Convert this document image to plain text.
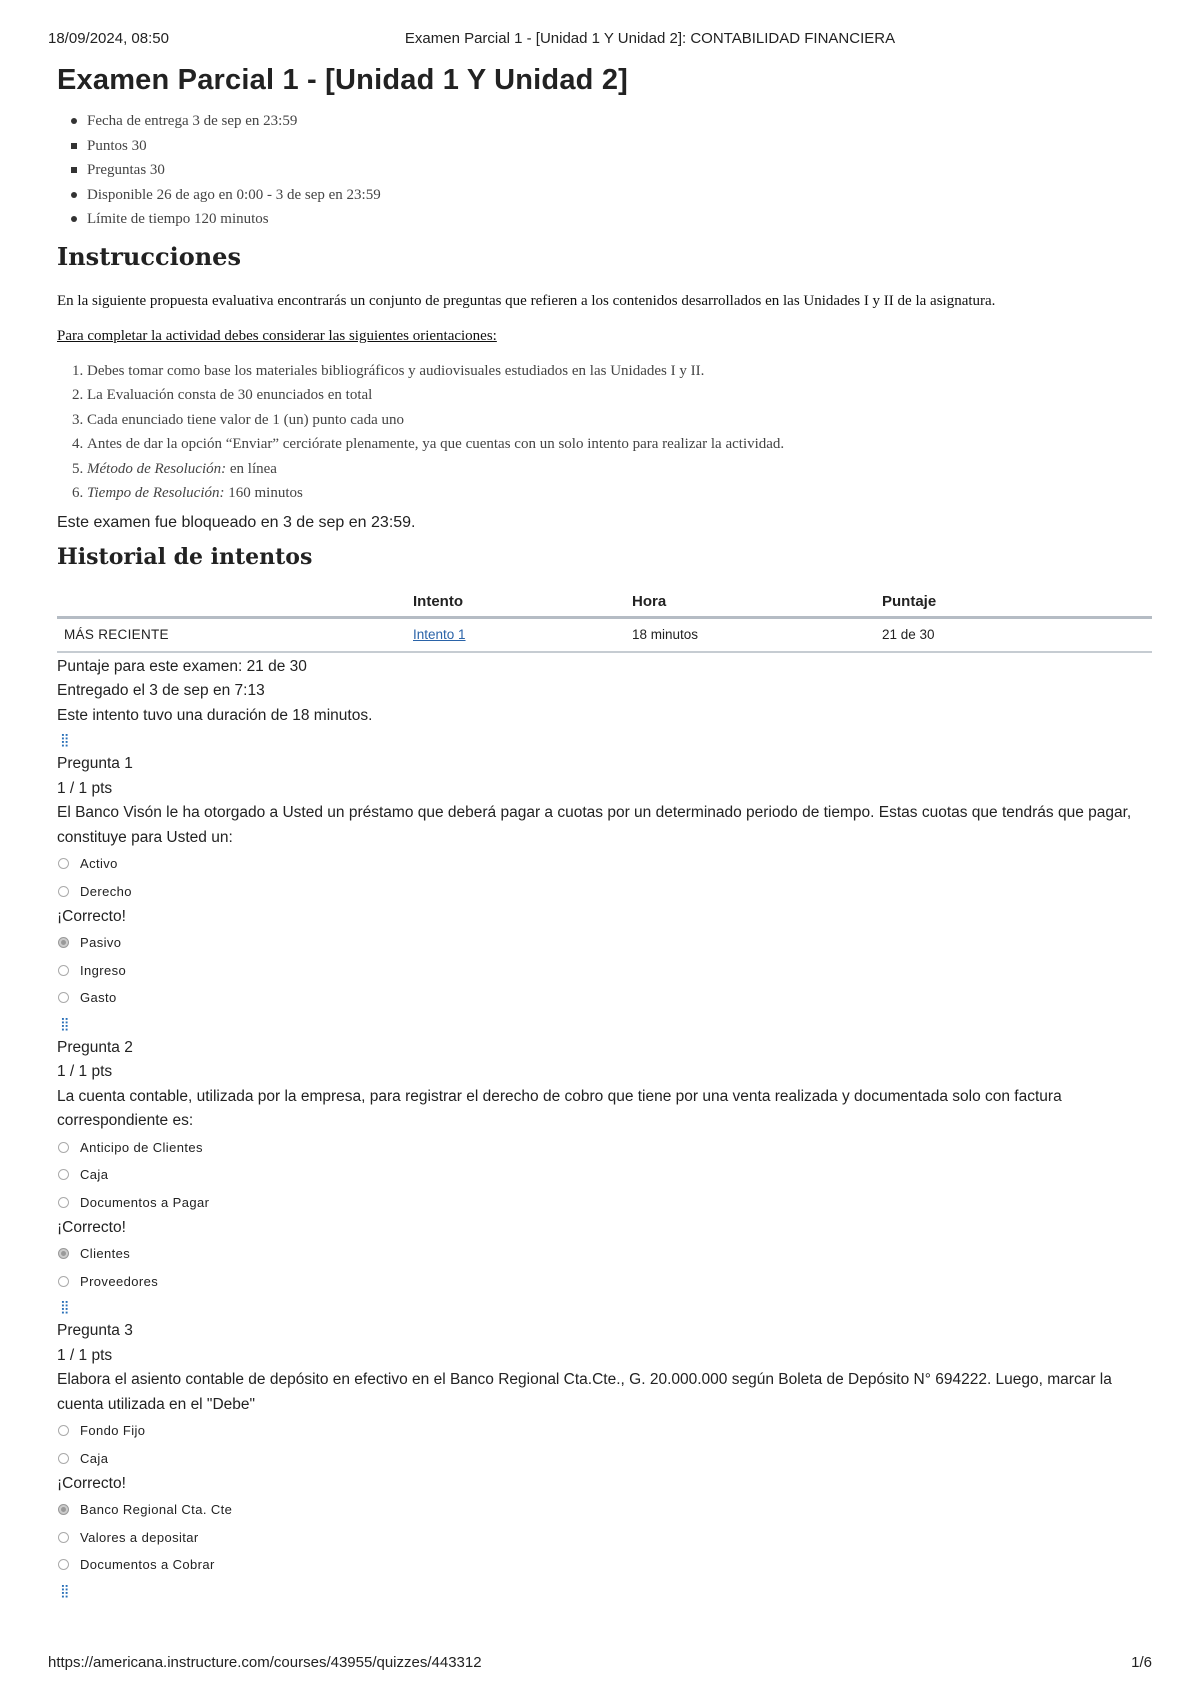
18/09/2024, 08:50	Examen Parcial 1 - [Unidad 1 Y Unidad 2]: CONTABILIDAD FINANCIERA
Examen Parcial 1 - [Unidad 1 Y Unidad 2]
Fecha de entrega 3 de sep en 23:59
Puntos 30
Preguntas 30
Disponible 26 de ago en 0:00 - 3 de sep en 23:59
Límite de tiempo 120 minutos
Instrucciones

En la siguiente propuesta evaluativa encontrarás un conjunto de preguntas que refieren a los contenidos desarrollados en las Unidades I y II de la asignatura.

Para completar la actividad debes considerar las siguientes orientaciones:

1. Debes tomar como base los materiales bibliográficos y audiovisuales estudiados en las Unidades I y II.
2. La Evaluación consta de 30 enunciados en total
3. Cada enunciado tiene valor de 1 (un) punto cada uno
4. Antes de dar la opción “Enviar” cerciórate plenamente, ya que cuentas con un solo intento para realizar la actividad.
5. Método de Resolución: en línea
6. Tiempo de Resolución: 160 minutos
Este examen fue bloqueado en 3 de sep en 23:59.
Historial de intentos
	Intento	Hora	Puntaje
MÁS RECIENTE	Intento 1	18 minutos	21 de 30
Puntaje para este examen: 21 de 30
Entregado el 3 de sep en 7:13
Este intento tuvo una duración de 18 minutos.
⣿
Pregunta 1
1 / 1 pts

El Banco Visón le ha otorgado a Usted un préstamo que deberá pagar a cuotas por un determinado periodo de tiempo. Estas cuotas que tendrás que pagar, constituye para Usted un:

Activo
Derecho
¡Correcto!
Pasivo
Ingreso
Gasto
⣿
Pregunta 2
1 / 1 pts

La cuenta contable, utilizada por la empresa, para registrar el derecho de cobro que tiene por una venta realizada y documentada solo con factura correspondiente es:

Anticipo de Clientes
Caja
Documentos a Pagar
¡Correcto!
Clientes
Proveedores
⣿
Pregunta 3
1 / 1 pts

Elabora el asiento contable de depósito en efectivo en el Banco Regional Cta.Cte., G. 20.000.000 según Boleta de Depósito N° 694222. Luego, marcar la cuenta utilizada en el "Debe"

Fondo Fijo
Caja
¡Correcto!
Banco Regional Cta. Cte
Valores a depositar
Documentos a Cobrar
⣿
https://americana.instructure.com/courses/43955/quizzes/443312	1/6
